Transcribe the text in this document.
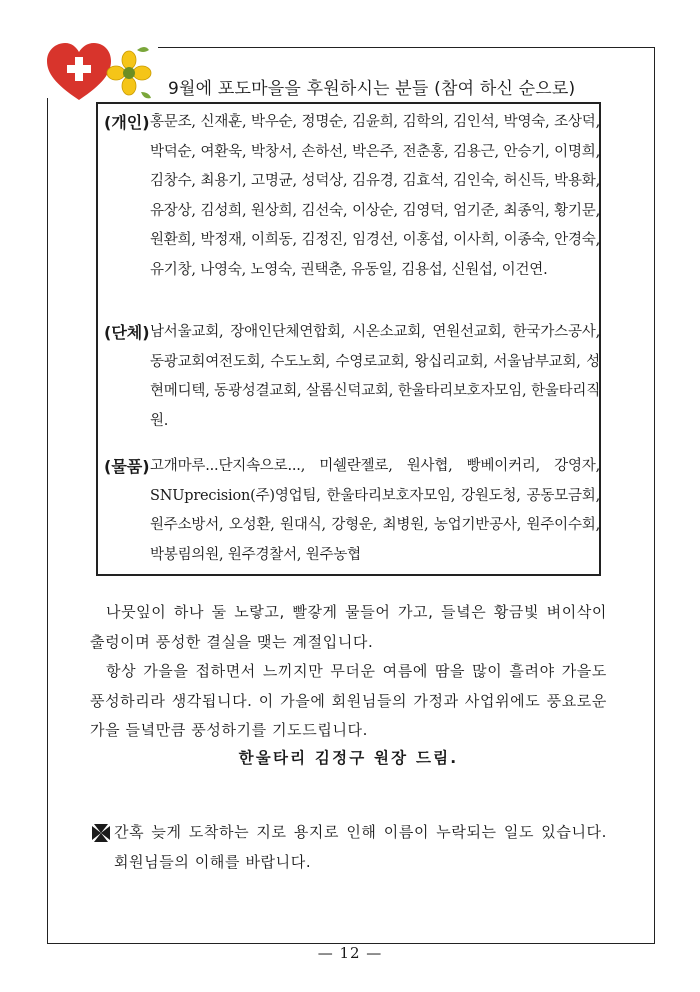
9월에 포도마을을 후원하시는 분들 (참여 하신 순으로)
(개인) 홍문조, 신재훈, 박우순, 정명순, 김윤희, 김학의, 김인석, 박영숙, 조상덕, 박덕순, 여환욱, 박창서, 손하선, 박은주, 전춘홍, 김용근, 안승기, 이명희, 김창수, 최용기, 고명균, 성덕상, 김유경, 김효석, 김인숙, 허신득, 박용화, 유장상, 김성희, 원상희, 김선숙, 이상순, 김영덕, 엄기준, 최종익, 황기문, 원환희, 박정재, 이희동, 김정진, 임경선, 이홍섭, 이사희, 이종숙, 안경숙, 유기창, 나영숙, 노영숙, 권택춘, 유동일, 김용섭, 신원섭, 이건연.
(단체) 남서울교회, 장애인단체연합회, 시온소교회, 연원선교회, 한국가스공사, 동광교회여전도회, 수도노회, 수영로교회, 왕십리교회, 서울남부교회, 성현메디텍, 동광성결교회, 살롬신덕교회, 한울타리보호자모임, 한울타리직원.
(물품) 고개마루...단지속으로..., 미쉘란젤로, 원사협, 빵베이커리, 강영자, SNUprecision(주)영업팀, 한울타리보호자모임, 강원도청, 공동모금회, 원주소방서, 오성환, 원대식, 강형운, 최병원, 농업기반공사, 원주이수회, 박봉림의원, 원주경찰서, 원주농협

나뭇잎이 하나 둘 노랗고, 빨갛게 물들어 가고, 들녘은 황금빛 벼이삭이 출렁이며 풍성한 결실을 맺는 계절입니다.

항상 가을을 접하면서 느끼지만 무더운 여름에 땀을 많이 흘려야 가을도 풍성하리라 생각됩니다. 이 가을에 회원님들의 가정과 사업위에도 풍요로운 가을 들녘만큼 풍성하기를 기도드립니다.

한울타리 김정구 원장 드림.
간혹 늦게 도착하는 지로 용지로 인해 이름이 누락되는 일도 있습니다. 회원님들의 이해를 바랍니다.
— 12 —
